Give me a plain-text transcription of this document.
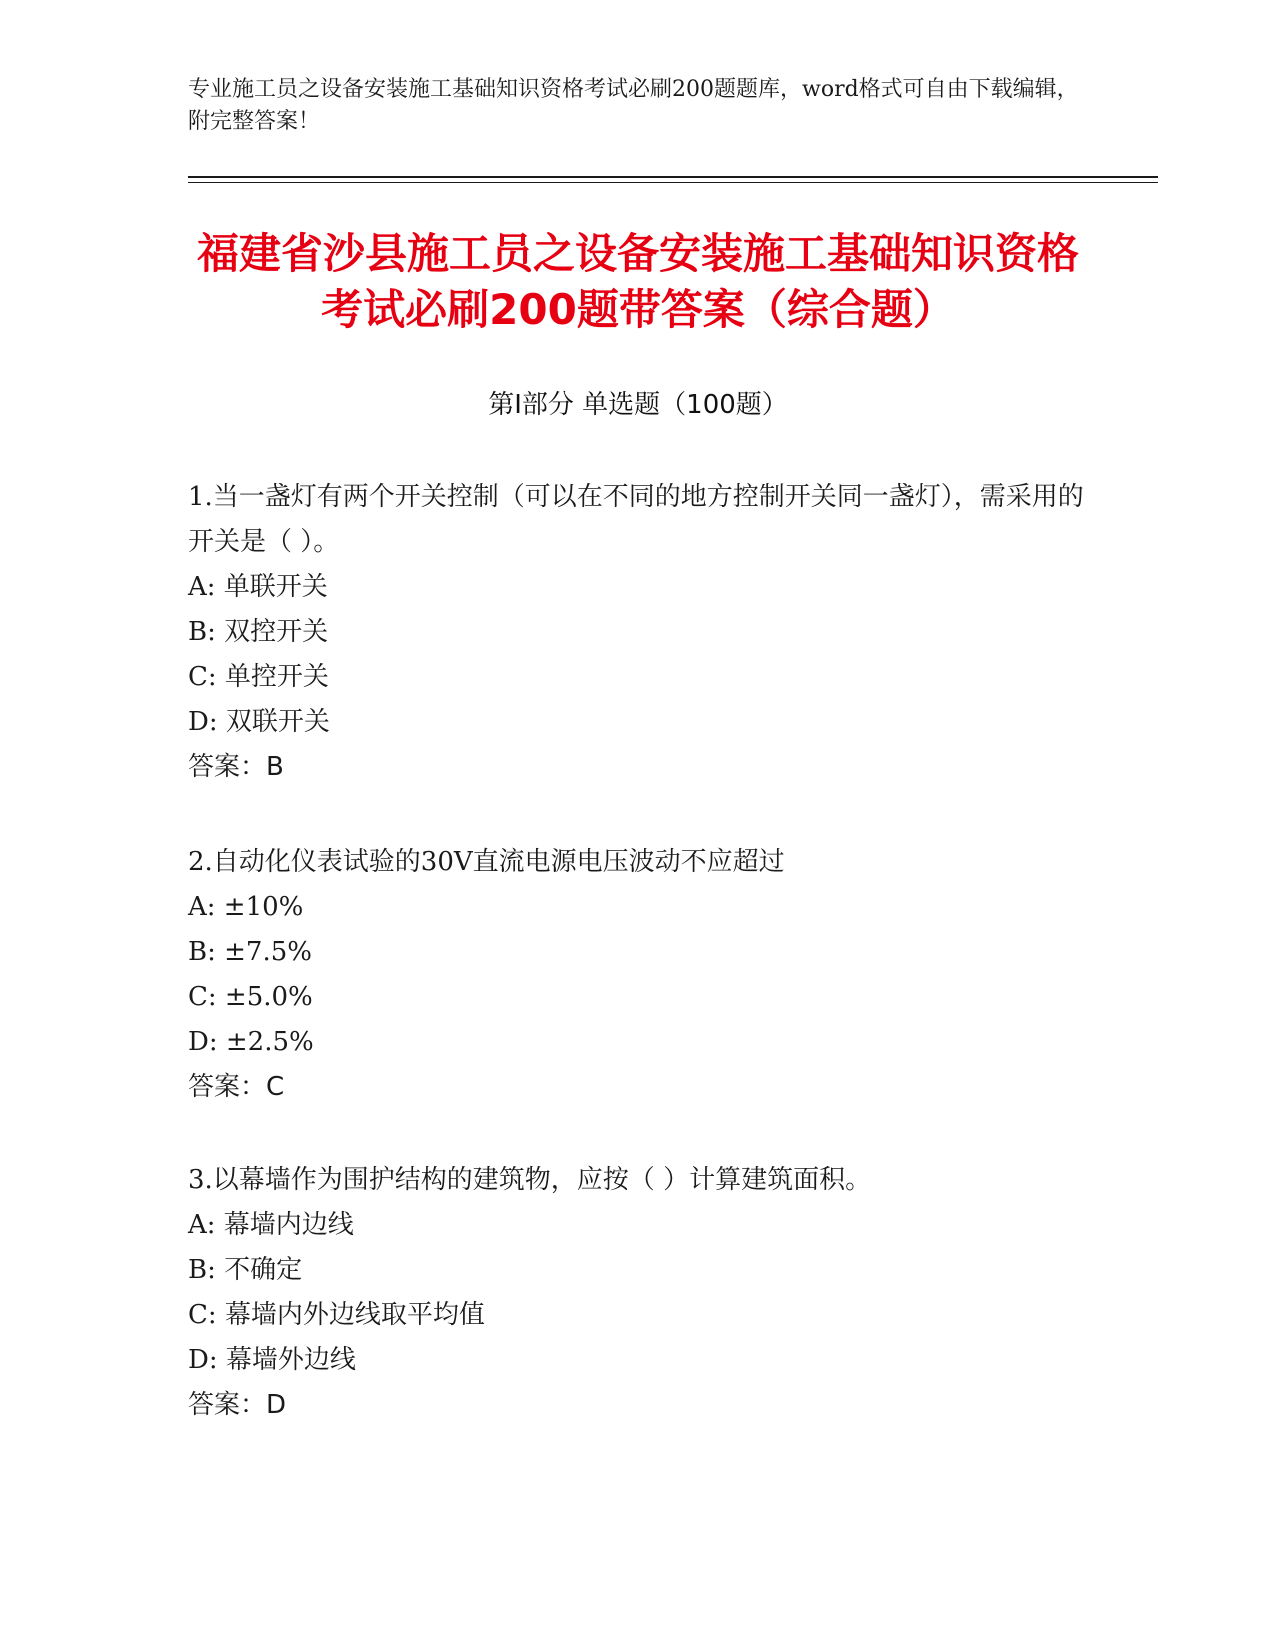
专业施工员之设备安装施工基础知识资格考试必刷200题题库，word格式可自由下载编辑，附完整答案！
福建省沙县施工员之设备安装施工基础知识资格考试必刷200题带答案（综合题）
第I部分 单选题（100题）

1.当一盏灯有两个开关控制（可以在不同的地方控制开关同一盏灯），需采用的开关是（ ）。

A: 单联开关

B: 双控开关

C: 单控开关

D: 双联开关

答案：B

2.自动化仪表试验的30V直流电源电压波动不应超过

A: ±10%

B: ±7.5%

C: ±5.0%

D: ±2.5%

答案：C

3.以幕墙作为围护结构的建筑物，应按（ ）计算建筑面积。

A: 幕墙内边线

B: 不确定

C: 幕墙内外边线取平均值

D: 幕墙外边线

答案：D
